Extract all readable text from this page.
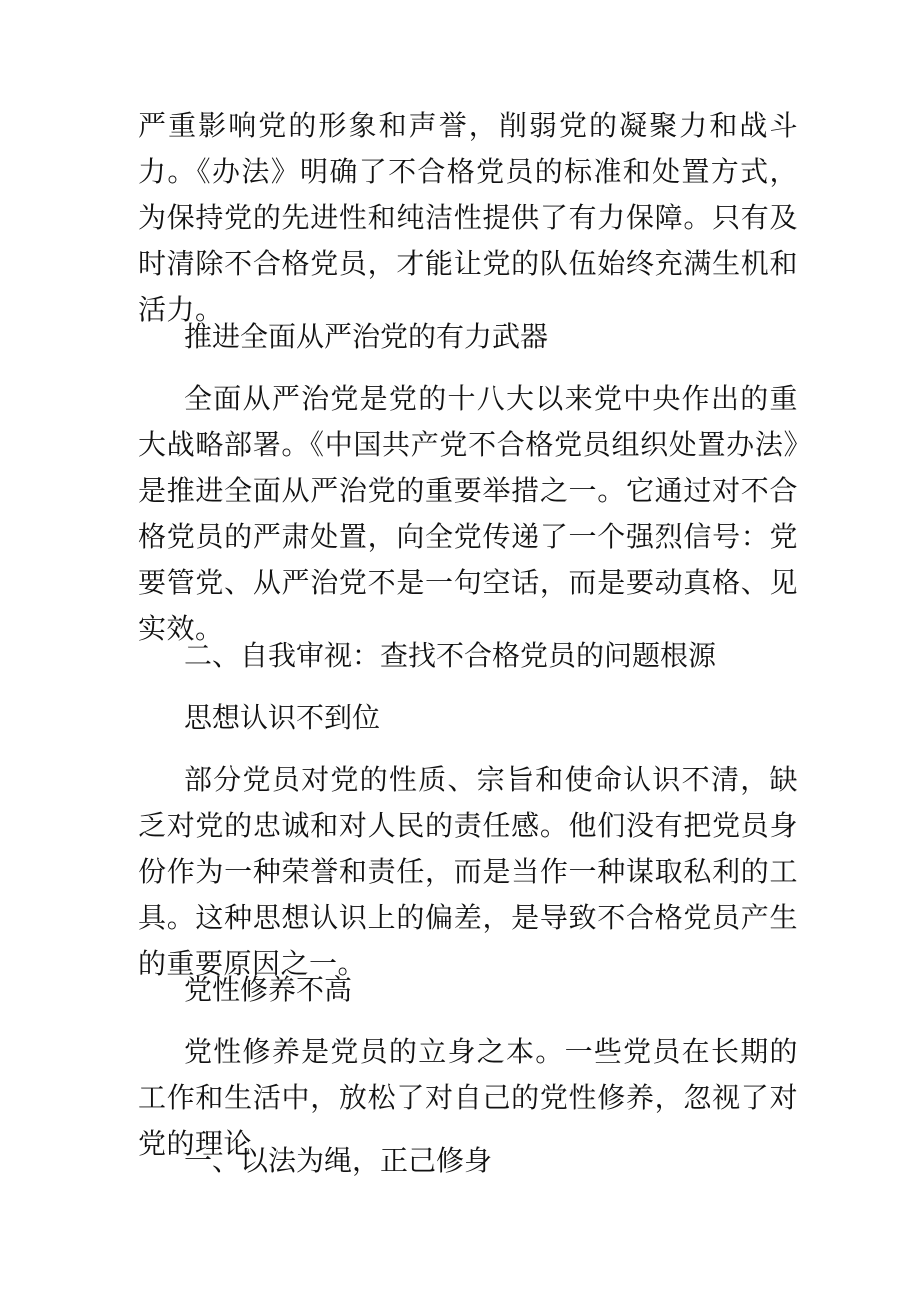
严重影响党的形象和声誉，削弱党的凝聚力和战斗力。《办法》明确了不合格党员的标准和处置方式，为保持党的先进性和纯洁性提供了有力保障。只有及时清除不合格党员，才能让党的队伍始终充满生机和活力。

推进全面从严治党的有力武器

全面从严治党是党的十八大以来党中央作出的重大战略部署。《中国共产党不合格党员组织处置办法》是推进全面从严治党的重要举措之一。它通过对不合格党员的严肃处置，向全党传递了一个强烈信号：党要管党、从严治党不是一句空话，而是要动真格、见实效。

二、自我审视：查找不合格党员的问题根源

思想认识不到位

部分党员对党的性质、宗旨和使命认识不清，缺乏对党的忠诚和对人民的责任感。他们没有把党员身份作为一种荣誉和责任，而是当作一种谋取私利的工具。这种思想认识上的偏差，是导致不合格党员产生的重要原因之一。

党性修养不高

党性修养是党员的立身之本。一些党员在长期的工作和生活中，放松了对自己的党性修养，忽视了对党的理论

一、以法为绳，正己修身
